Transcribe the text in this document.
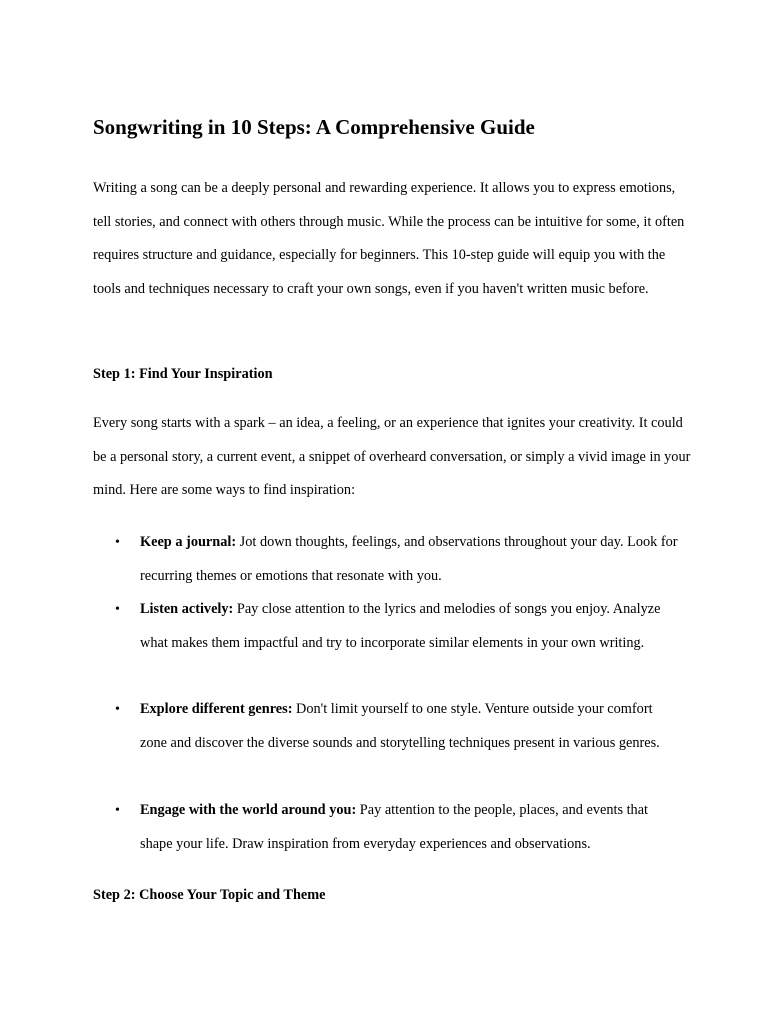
Songwriting in 10 Steps: A Comprehensive Guide

Writing a song can be a deeply personal and rewarding experience. It allows you to express emotions, tell stories, and connect with others through music. While the process can be intuitive for some, it often requires structure and guidance, especially for beginners. This 10-step guide will equip you with the tools and techniques necessary to craft your own songs, even if you haven't written music before.

Step 1: Find Your Inspiration

Every song starts with a spark – an idea, a feeling, or an experience that ignites your creativity. It could be a personal story, a current event, a snippet of overheard conversation, or simply a vivid image in your mind. Here are some ways to find inspiration:

• Keep a journal: Jot down thoughts, feelings, and observations throughout your day. Look for recurring themes or emotions that resonate with you.
• Listen actively: Pay close attention to the lyrics and melodies of songs you enjoy. Analyze what makes them impactful and try to incorporate similar elements in your own writing.
• Explore different genres: Don't limit yourself to one style. Venture outside your comfort zone and discover the diverse sounds and storytelling techniques present in various genres.
• Engage with the world around you: Pay attention to the people, places, and events that shape your life. Draw inspiration from everyday experiences and observations.
Step 2: Choose Your Topic and Theme
